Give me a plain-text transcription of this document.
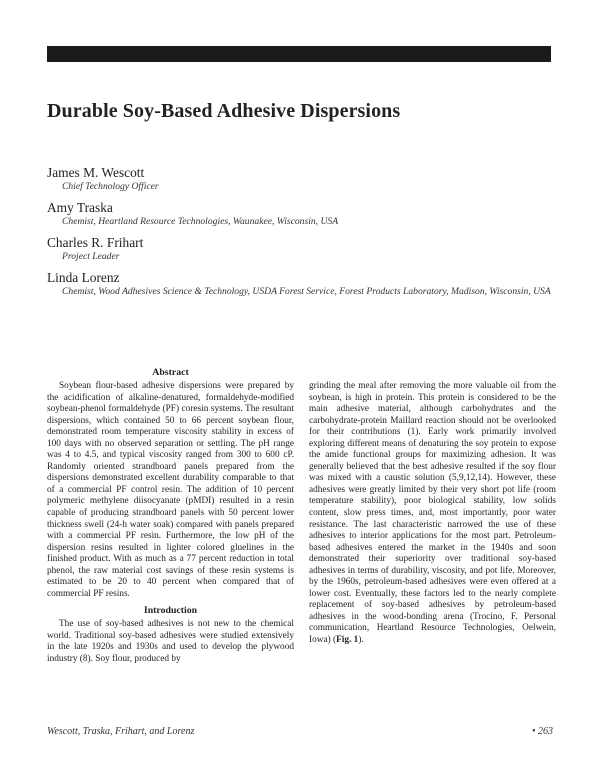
Durable Soy-Based Adhesive Dispersions
James M. Wescott
Chief Technology Officer
Amy Traska
Chemist, Heartland Resource Technologies, Waunakee, Wisconsin, USA
Charles R. Frihart
Project Leader
Linda Lorenz
Chemist, Wood Adhesives Science & Technology, USDA Forest Service, Forest Products Laboratory, Madison, Wisconsin, USA
Abstract

Soybean flour-based adhesive dispersions were prepared by the acidification of alkaline-denatured, formaldehyde-modified soybean-phenol formaldehyde (PF) coresin systems. The resultant dispersions, which contained 50 to 66 percent soybean flour, demonstrated room temperature viscosity stability in excess of 100 days with no observed separation or settling. The pH range was 4 to 4.5, and typical viscosity ranged from 300 to 600 cP. Randomly oriented strandboard panels prepared from the dispersions demonstrated excellent durability comparable to that of a commercial PF control resin. The addition of 10 percent polymeric methylene diisocyanate (pMDI) resulted in a resin capable of producing strandboard panels with 50 percent lower thickness swell (24-h water soak) compared with panels prepared with a commercial PF resin. Furthermore, the low pH of the dispersion resins resulted in lighter colored gluelines in the finished product. With as much as a 77 percent reduction in total phenol, the raw material cost savings of these resin systems is estimated to be 20 to 40 percent when compared that of commercial PF resins.

Introduction

The use of soy-based adhesives is not new to the chemical world. Traditional soy-based adhesives were studied extensively in the late 1920s and 1930s and used to develop the plywood industry (8). Soy flour, produced by

grinding the meal after removing the more valuable oil from the soybean, is high in protein. This protein is considered to be the main adhesive material, although carbohydrates and the carbohydrate-protein Maillard reaction should not be overlooked for their contributions (1). Early work primarily involved exploring different means of denaturing the soy protein to expose the amide functional groups for maximizing adhesion. It was generally believed that the best adhesive resulted if the soy flour was mixed with a caustic solution (5,9,12,14). However, these adhesives were greatly limited by their very short pot life (room temperature stability), poor biological stability, low solids content, slow press times, and, most importantly, poor water resistance. The last characteristic narrowed the use of these adhesives to interior applications for the most part. Petroleum-based adhesives entered the market in the 1940s and soon demonstrated their superiority over traditional soy-based adhesives in terms of durability, viscosity, and pot life. Moreover, by the 1960s, petroleum-based adhesives were even offered at a lower cost. Eventually, these factors led to the nearly complete replacement of soy-based adhesives by petroleum-based adhesives in the wood-bonding arena (Trocino, F. Personal communication, Heartland Resource Technologies, Oelwein, Iowa) (Fig. 1).

Wescott, Traska, Frihart, and Lorenz	• 263
